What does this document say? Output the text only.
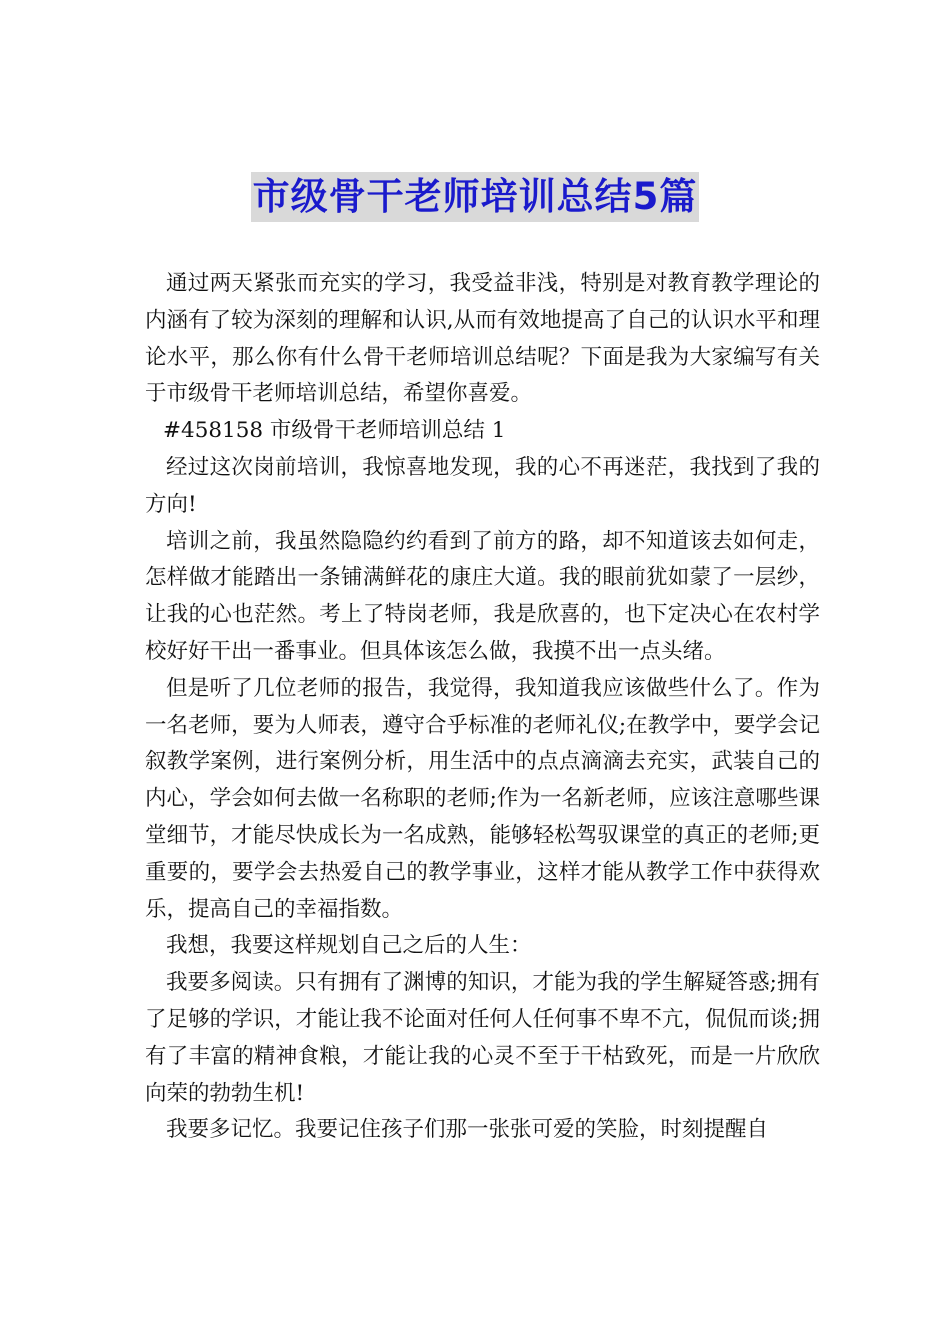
市级骨干老师培训总结5篇

通过两天紧张而充实的学习，我受益非浅，特别是对教育教学理论的内涵有了较为深刻的理解和认识,从而有效地提高了自己的认识水平和理论水平，那么你有什么骨干老师培训总结呢？下面是我为大家编写有关于市级骨干老师培训总结，希望你喜爱。

#458158 市级骨干老师培训总结 1

经过这次岗前培训，我惊喜地发现，我的心不再迷茫，我找到了我的方向!

培训之前，我虽然隐隐约约看到了前方的路，却不知道该去如何走，怎样做才能踏出一条铺满鲜花的康庄大道。我的眼前犹如蒙了一层纱，让我的心也茫然。考上了特岗老师，我是欣喜的，也下定决心在农村学校好好干出一番事业。但具体该怎么做，我摸不出一点头绪。

但是听了几位老师的报告，我觉得，我知道我应该做些什么了。作为一名老师，要为人师表，遵守合乎标准的老师礼仪;在教学中，要学会记叙教学案例，进行案例分析，用生活中的点点滴滴去充实，武装自己的内心，学会如何去做一名称职的老师;作为一名新老师，应该注意哪些课堂细节，才能尽快成长为一名成熟，能够轻松驾驭课堂的真正的老师;更重要的，要学会去热爱自己的教学事业，这样才能从教学工作中获得欢乐，提高自己的幸福指数。

我想，我要这样规划自己之后的人生：

我要多阅读。只有拥有了渊博的知识，才能为我的学生解疑答惑;拥有了足够的学识，才能让我不论面对任何人任何事不卑不亢，侃侃而谈;拥有了丰富的精神食粮，才能让我的心灵不至于干枯致死，而是一片欣欣向荣的勃勃生机!

我要多记忆。我要记住孩子们那一张张可爱的笑脸，时刻提醒自
